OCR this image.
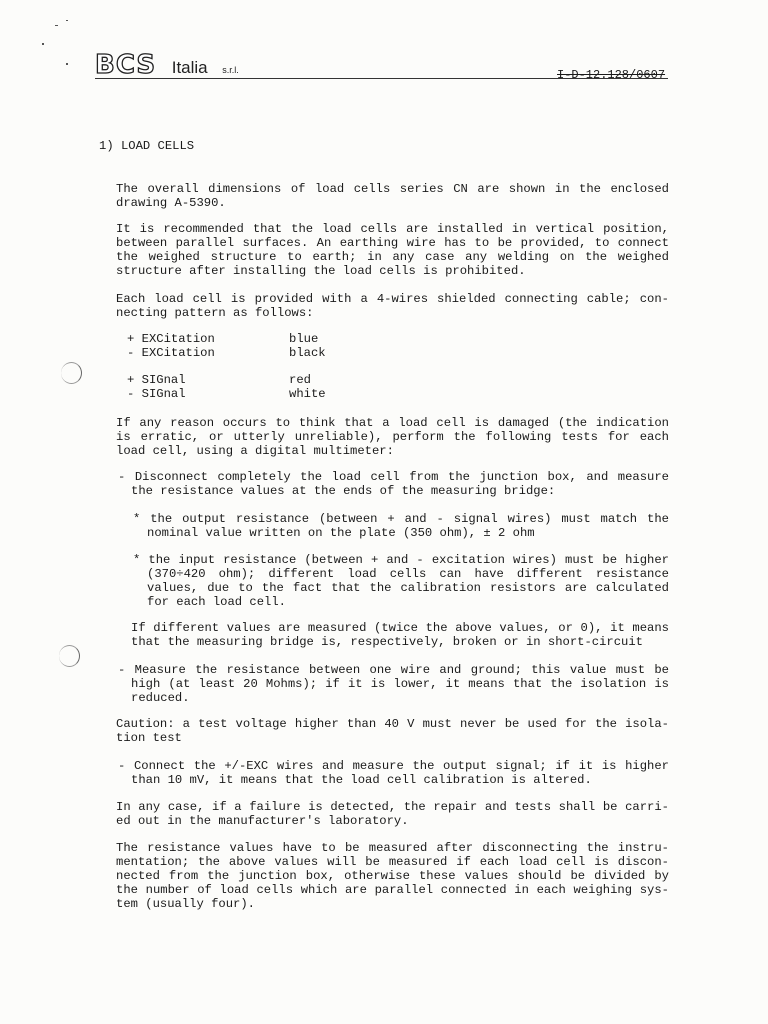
BCS Italia s.r.l.	I-D-12.128/0607
1) LOAD CELLS
The overall dimensions of load cells series CN are shown in the enclosed drawing A-5390.
It is recommended that the load cells are installed in vertical position, between parallel surfaces. An earthing wire has to be provided, to connect the weighed structure to earth; in any case any welding on the weighed structure after installing the load cells is prohibited.
Each load cell is provided with a 4-wires shielded connecting cable; con-necting pattern as follows:
+ EXCitation	blue
- EXCitation	black
+ SIGnal	red
- SIGnal	white
If any reason occurs to think that a load cell is damaged (the indication is erratic, or utterly unreliable), perform the following tests for each load cell, using a digital multimeter:
- Disconnect completely the load cell from the junction box, and measure the resistance values at the ends of the measuring bridge:
* the output resistance (between + and - signal wires) must match the nominal value written on the plate (350 ohm), ± 2 ohm
* the input resistance (between + and - excitation wires) must be higher (370÷420 ohm); different load cells can have different resistance values, due to the fact that the calibration resistors are calculated for each load cell.
If different values are measured (twice the above values, or 0), it means that the measuring bridge is, respectively, broken or in short-circuit
- Measure the resistance between one wire and ground; this value must be high (at least 20 Mohms); if it is lower, it means that the isolation is reduced.
Caution: a test voltage higher than 40 V must never be used for the isola-tion test
- Connect the +/-EXC wires and measure the output signal; if it is higher than 10 mV, it means that the load cell calibration is altered.
In any case, if a failure is detected, the repair and tests shall be carri-ed out in the manufacturer's laboratory.
The resistance values have to be measured after disconnecting the instru-mentation; the above values will be measured if each load cell is discon-nected from the junction box, otherwise these values should be divided by the number of load cells which are parallel connected in each weighing sys-tem (usually four).
